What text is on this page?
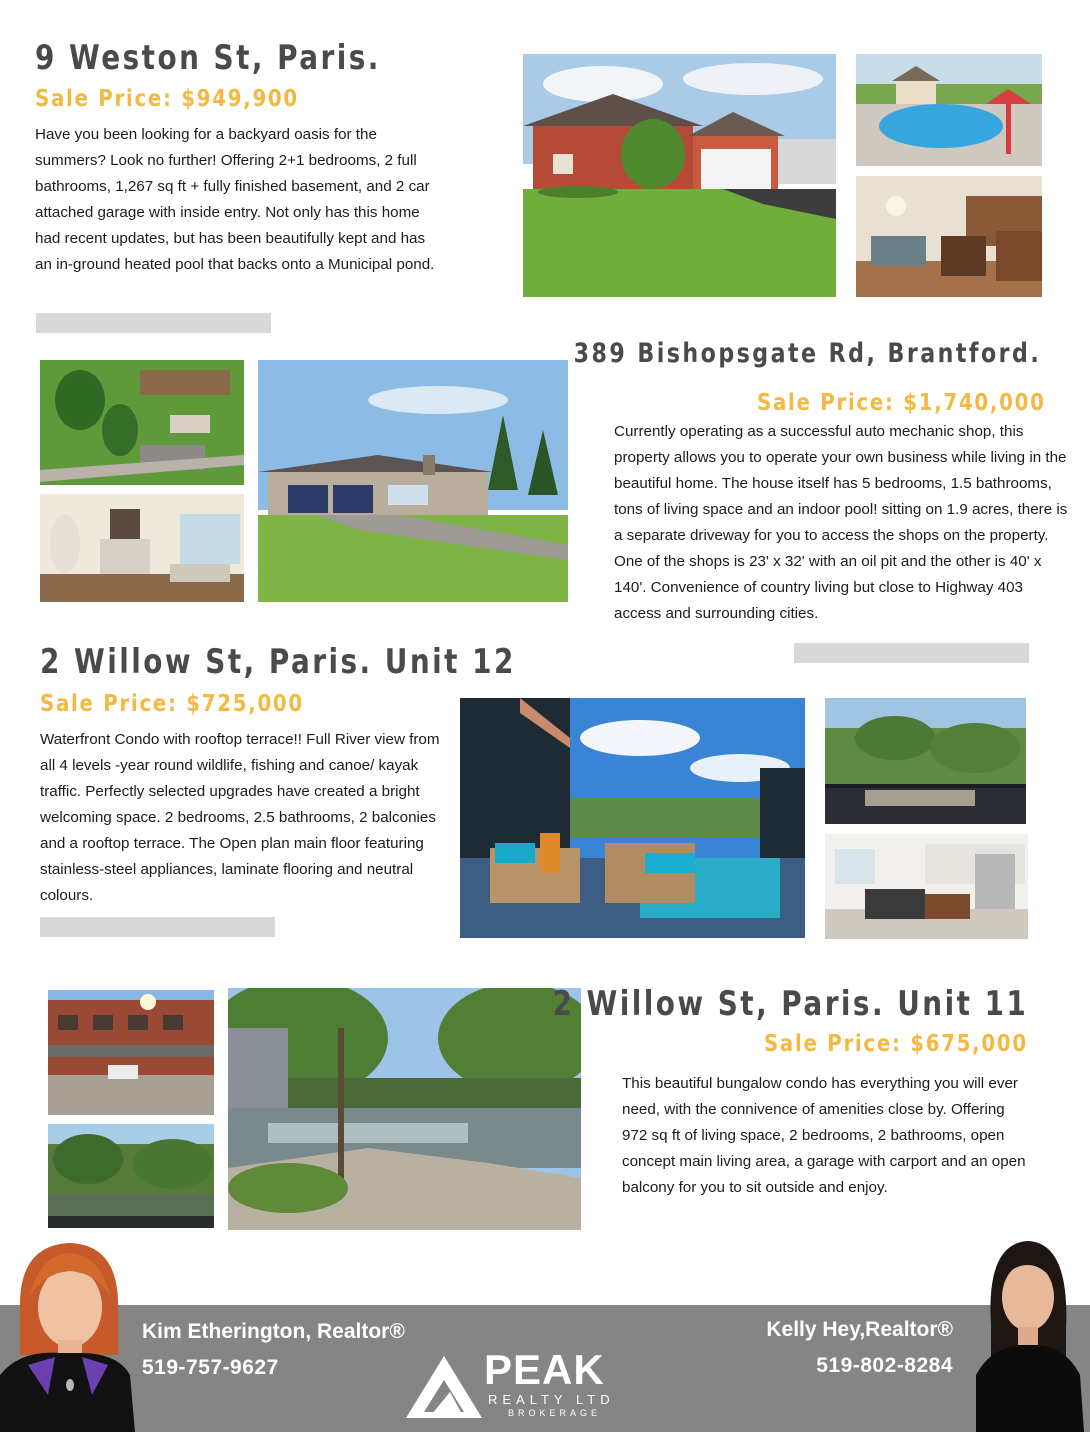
9 Weston St, Paris.
Sale Price: $949,900
Have you been looking for a backyard oasis for the summers? Look no further! Offering 2+1 bedrooms, 2 full bathrooms, 1,267 sq ft + fully finished basement, and 2 car attached garage with inside entry. Not only has this home had recent updates, but has been beautifully kept and has an in-ground heated pool that backs onto a Municipal pond.
389 Bishopsgate Rd, Brantford.
Sale Price: $1,740,000
Currently operating as a successful auto mechanic shop, this property allows you to operate your own business while living in the beautiful home. The house itself has 5 bedrooms, 1.5 bathrooms, tons of living space and an indoor pool! sitting on 1.9 acres, there is a separate driveway for you to access the shops on the property. One of the shops is 23' x 32' with an oil pit and the other is 40' x 140'. Convenience of country living but close to Highway 403 access and surrounding cities.
2 Willow St, Paris. Unit 12
Sale Price: $725,000
Waterfront Condo with rooftop terrace!! Full River view from all 4 levels -year round wildlife, fishing and canoe/ kayak traffic. Perfectly selected upgrades have created a bright welcoming space. 2 bedrooms, 2.5 bathrooms, 2 balconies and a rooftop terrace. The Open plan main floor featuring stainless-steel appliances, laminate flooring and neutral colours.
2 Willow St, Paris. Unit 11
Sale Price: $675,000
This beautiful bungalow condo has everything you will ever need, with the connivence of amenities close by. Offering 972 sq ft of living space, 2 bedrooms, 2 bathrooms, open concept main living area, a garage with carport and an open balcony for you to sit outside and enjoy.
Kim Etherington, Realtor®
519-757-9627
Kelly Hey,Realtor®
519-802-8284
PEAK
REALTY LTD
BROKERAGE
